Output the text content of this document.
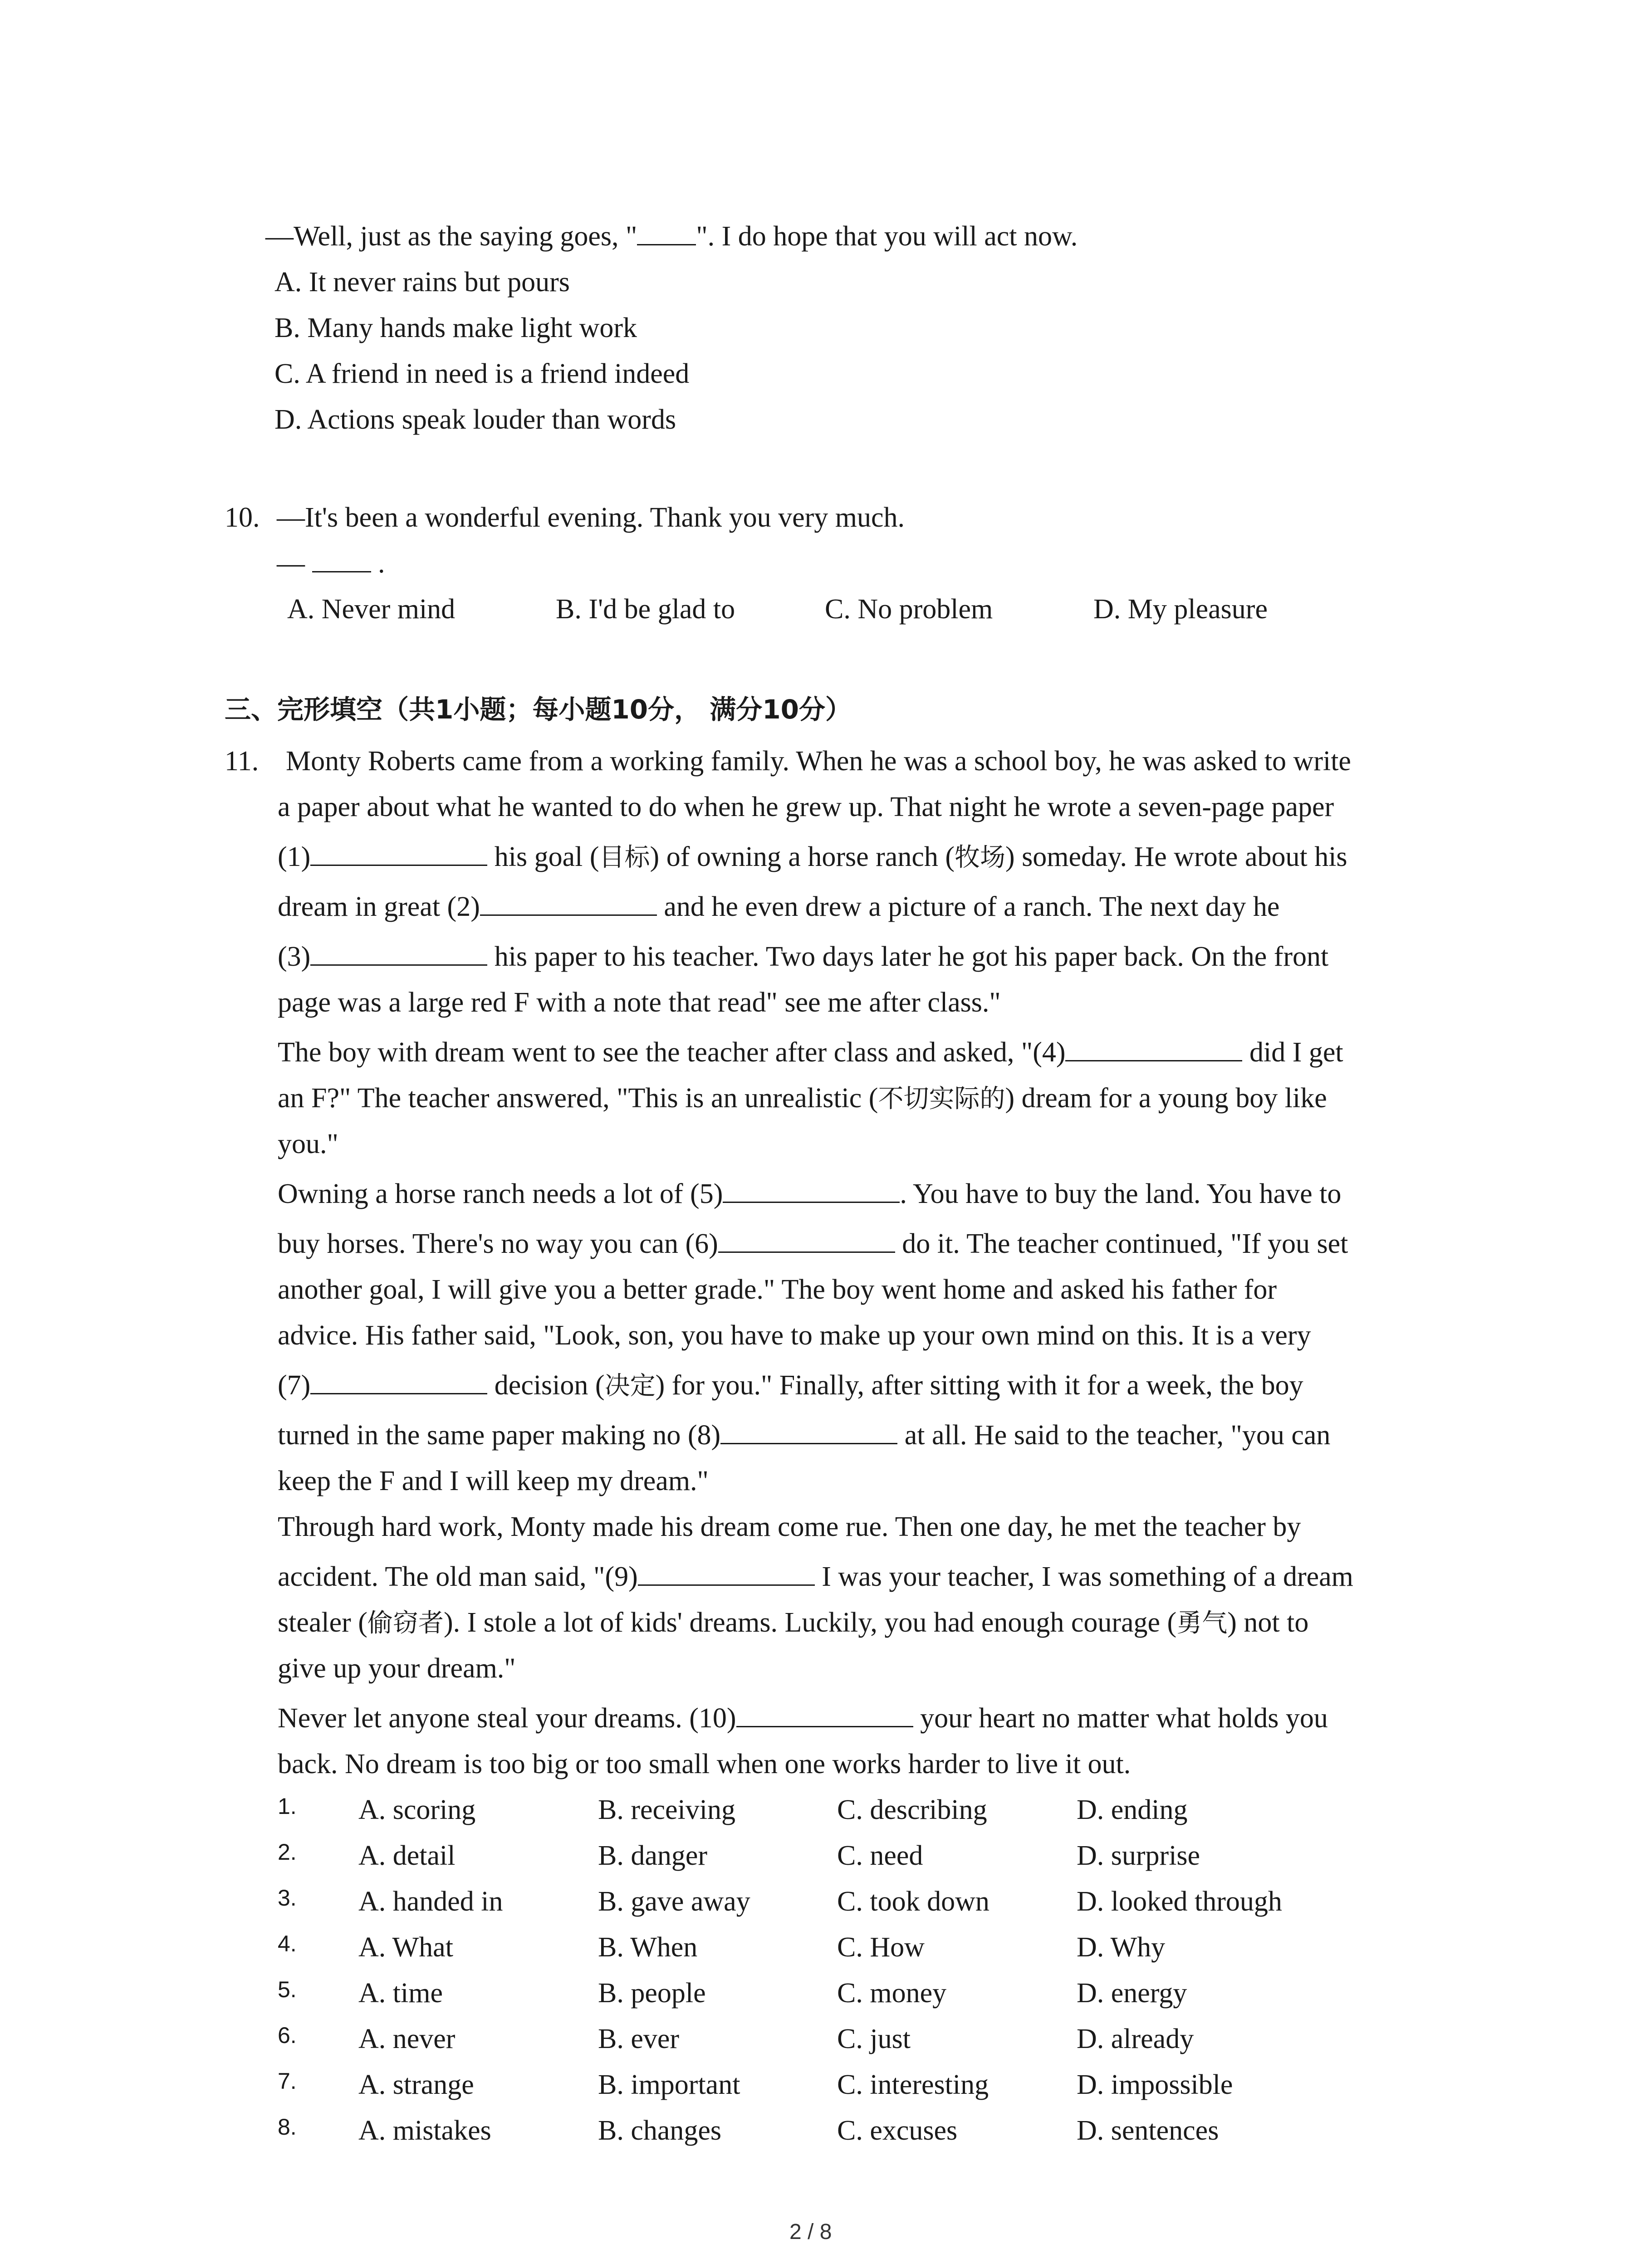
—Well, just as the saying goes, " ". I do hope that you will act now.
A. It never rains but pours
B. Many hands make light work
C. A friend in need is a friend indeed
D. Actions speak louder than words
10. —It's been a wonderful evening. Thank you very much.
—	.
A. Never mind	B. I'd be glad to	C. No problem	D. My pleasure
三、完形填空（共1小题；每小题10分， 满分10分）
11. Monty Roberts came from a working family. When he was a school boy, he was asked to write
a paper about what he wanted to do when he grew up. That night he wrote a seven-page paper
(1)	his goal (目标) of owning a horse ranch (牧场) someday. He wrote about his
dream in great (2)	and he even drew a picture of a ranch. The next day he
(3)	his paper to his teacher. Two days later he got his paper back. On the front
page was a large red F with a note that read" see me after class."
The boy with dream went to see the teacher after class and asked, "(4)	did I get
an F?" The teacher answered, "This is an unrealistic (不切实际的) dream for a young boy like
you."
Owning a horse ranch needs a lot of (5)	. You have to buy the land. You have to
buy horses. There's no way you can (6)	do it. The teacher continued, "If you set
another goal, I will give you a better grade." The boy went home and asked his father for
advice. His father said, "Look, son, you have to make up your own mind on this. It is a very
(7)	decision (决定) for you." Finally, after sitting with it for a week, the boy
turned in the same paper making no (8)	at all. He said to the teacher, "you can
keep the F and I will keep my dream."
Through hard work, Monty made his dream come rue. Then one day, he met the teacher by
accident. The old man said, "(9)	I was your teacher, I was something of a dream
stealer (偷窃者). I stole a lot of kids' dreams. Luckily, you had enough courage (勇气) not to
give up your dream."
Never let anyone steal your dreams. (10)	your heart no matter what holds you
back. No dream is too big or too small when one works harder to live it out.
1. A. scoring	B. receiving	C. describing	D. ending
2. A. detail	B. danger	C. need	D. surprise
3. A. handed in	B. gave away	C. took down	D. looked through
4. A. What	B. When	C. How	D. Why
5. A. time	B. people	C. money	D. energy
6. A. never	B. ever	C. just	D. already
7. A. strange	B. important	C. interesting	D. impossible
8. A. mistakes	B. changes	C. excuses	D. sentences
2 / 8
